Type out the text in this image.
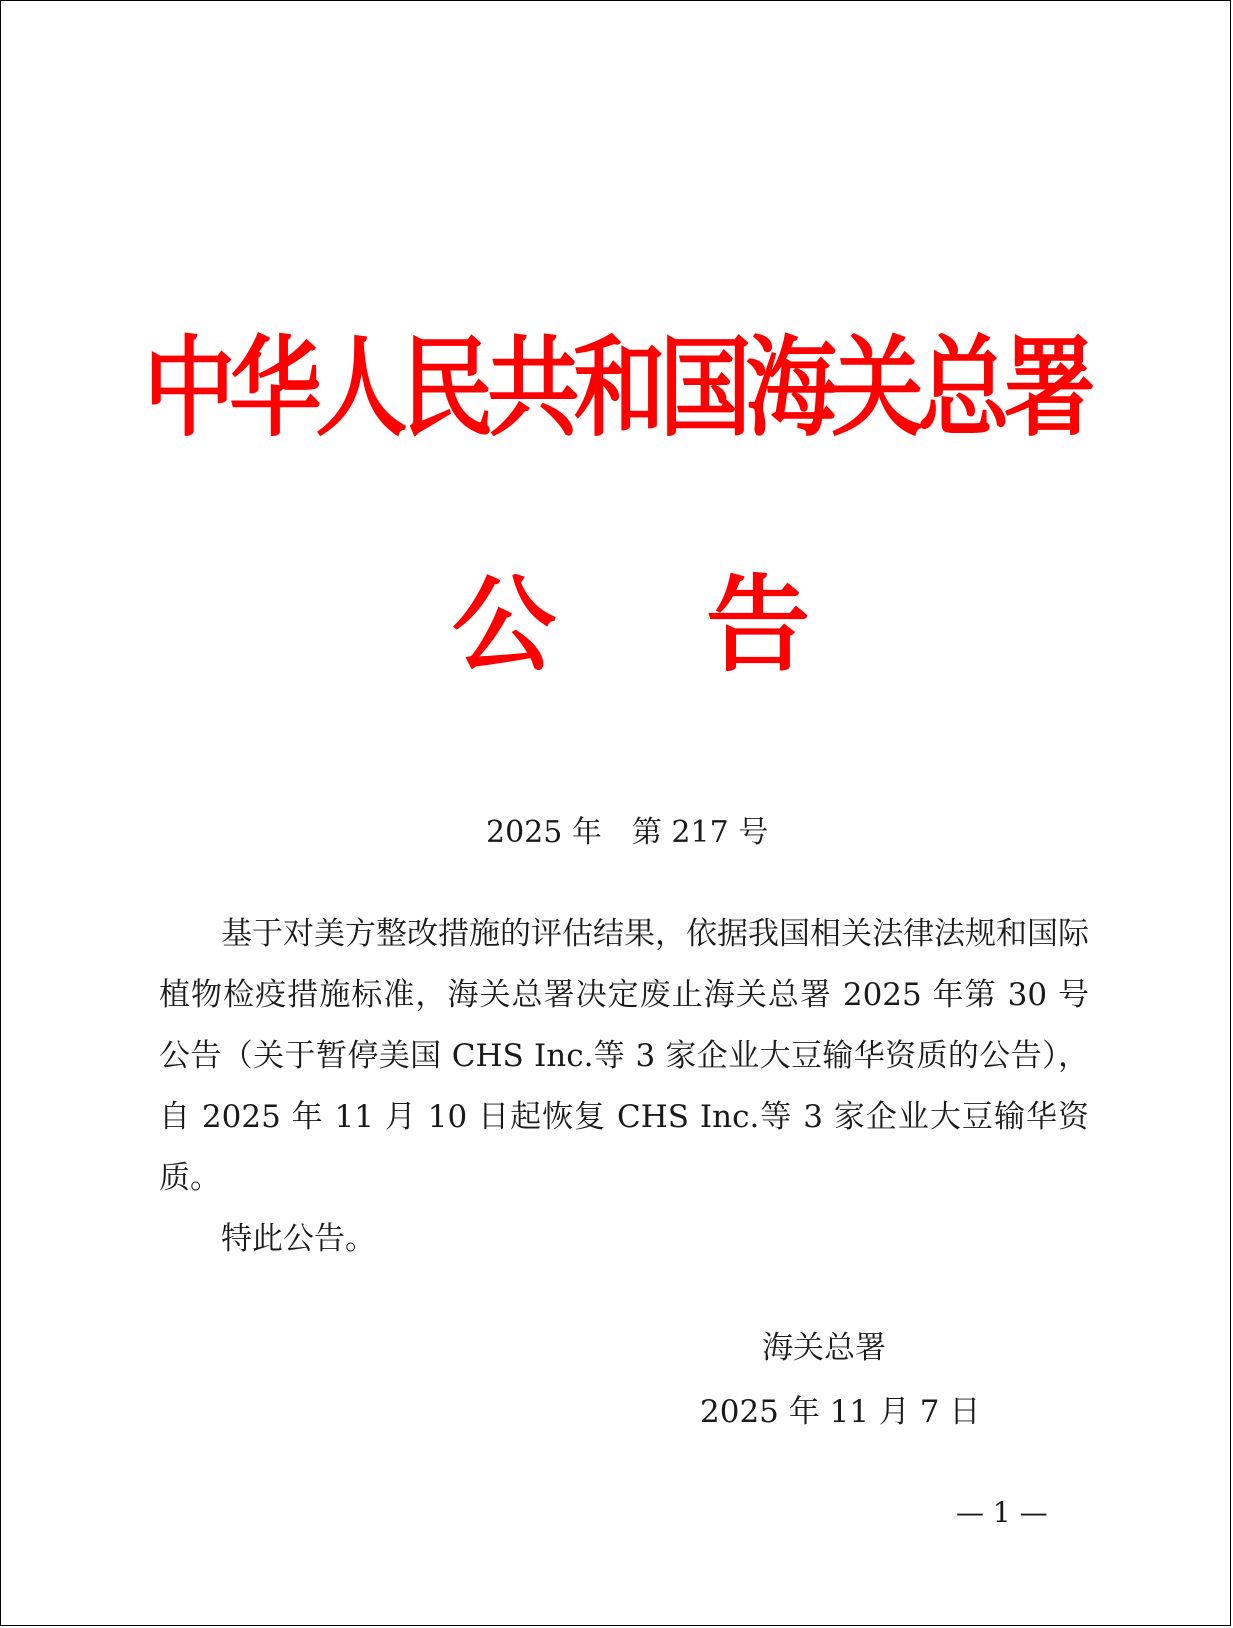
中华人民共和国海关总署
公 告
2025 年　第 217 号

基于对美方整改措施的评估结果，依据我国相关法律法规和国际植物检疫措施标准，海关总署决定废止海关总署 2025 年第 30 号公告（关于暂停美国 CHS Inc.等 3 家企业大豆输华资质的公告），自 2025 年 11 月 10 日起恢复 CHS Inc.等 3 家企业大豆输华资质。

特此公告。

海关总署
2025 年 11 月 7 日
— 1 —
